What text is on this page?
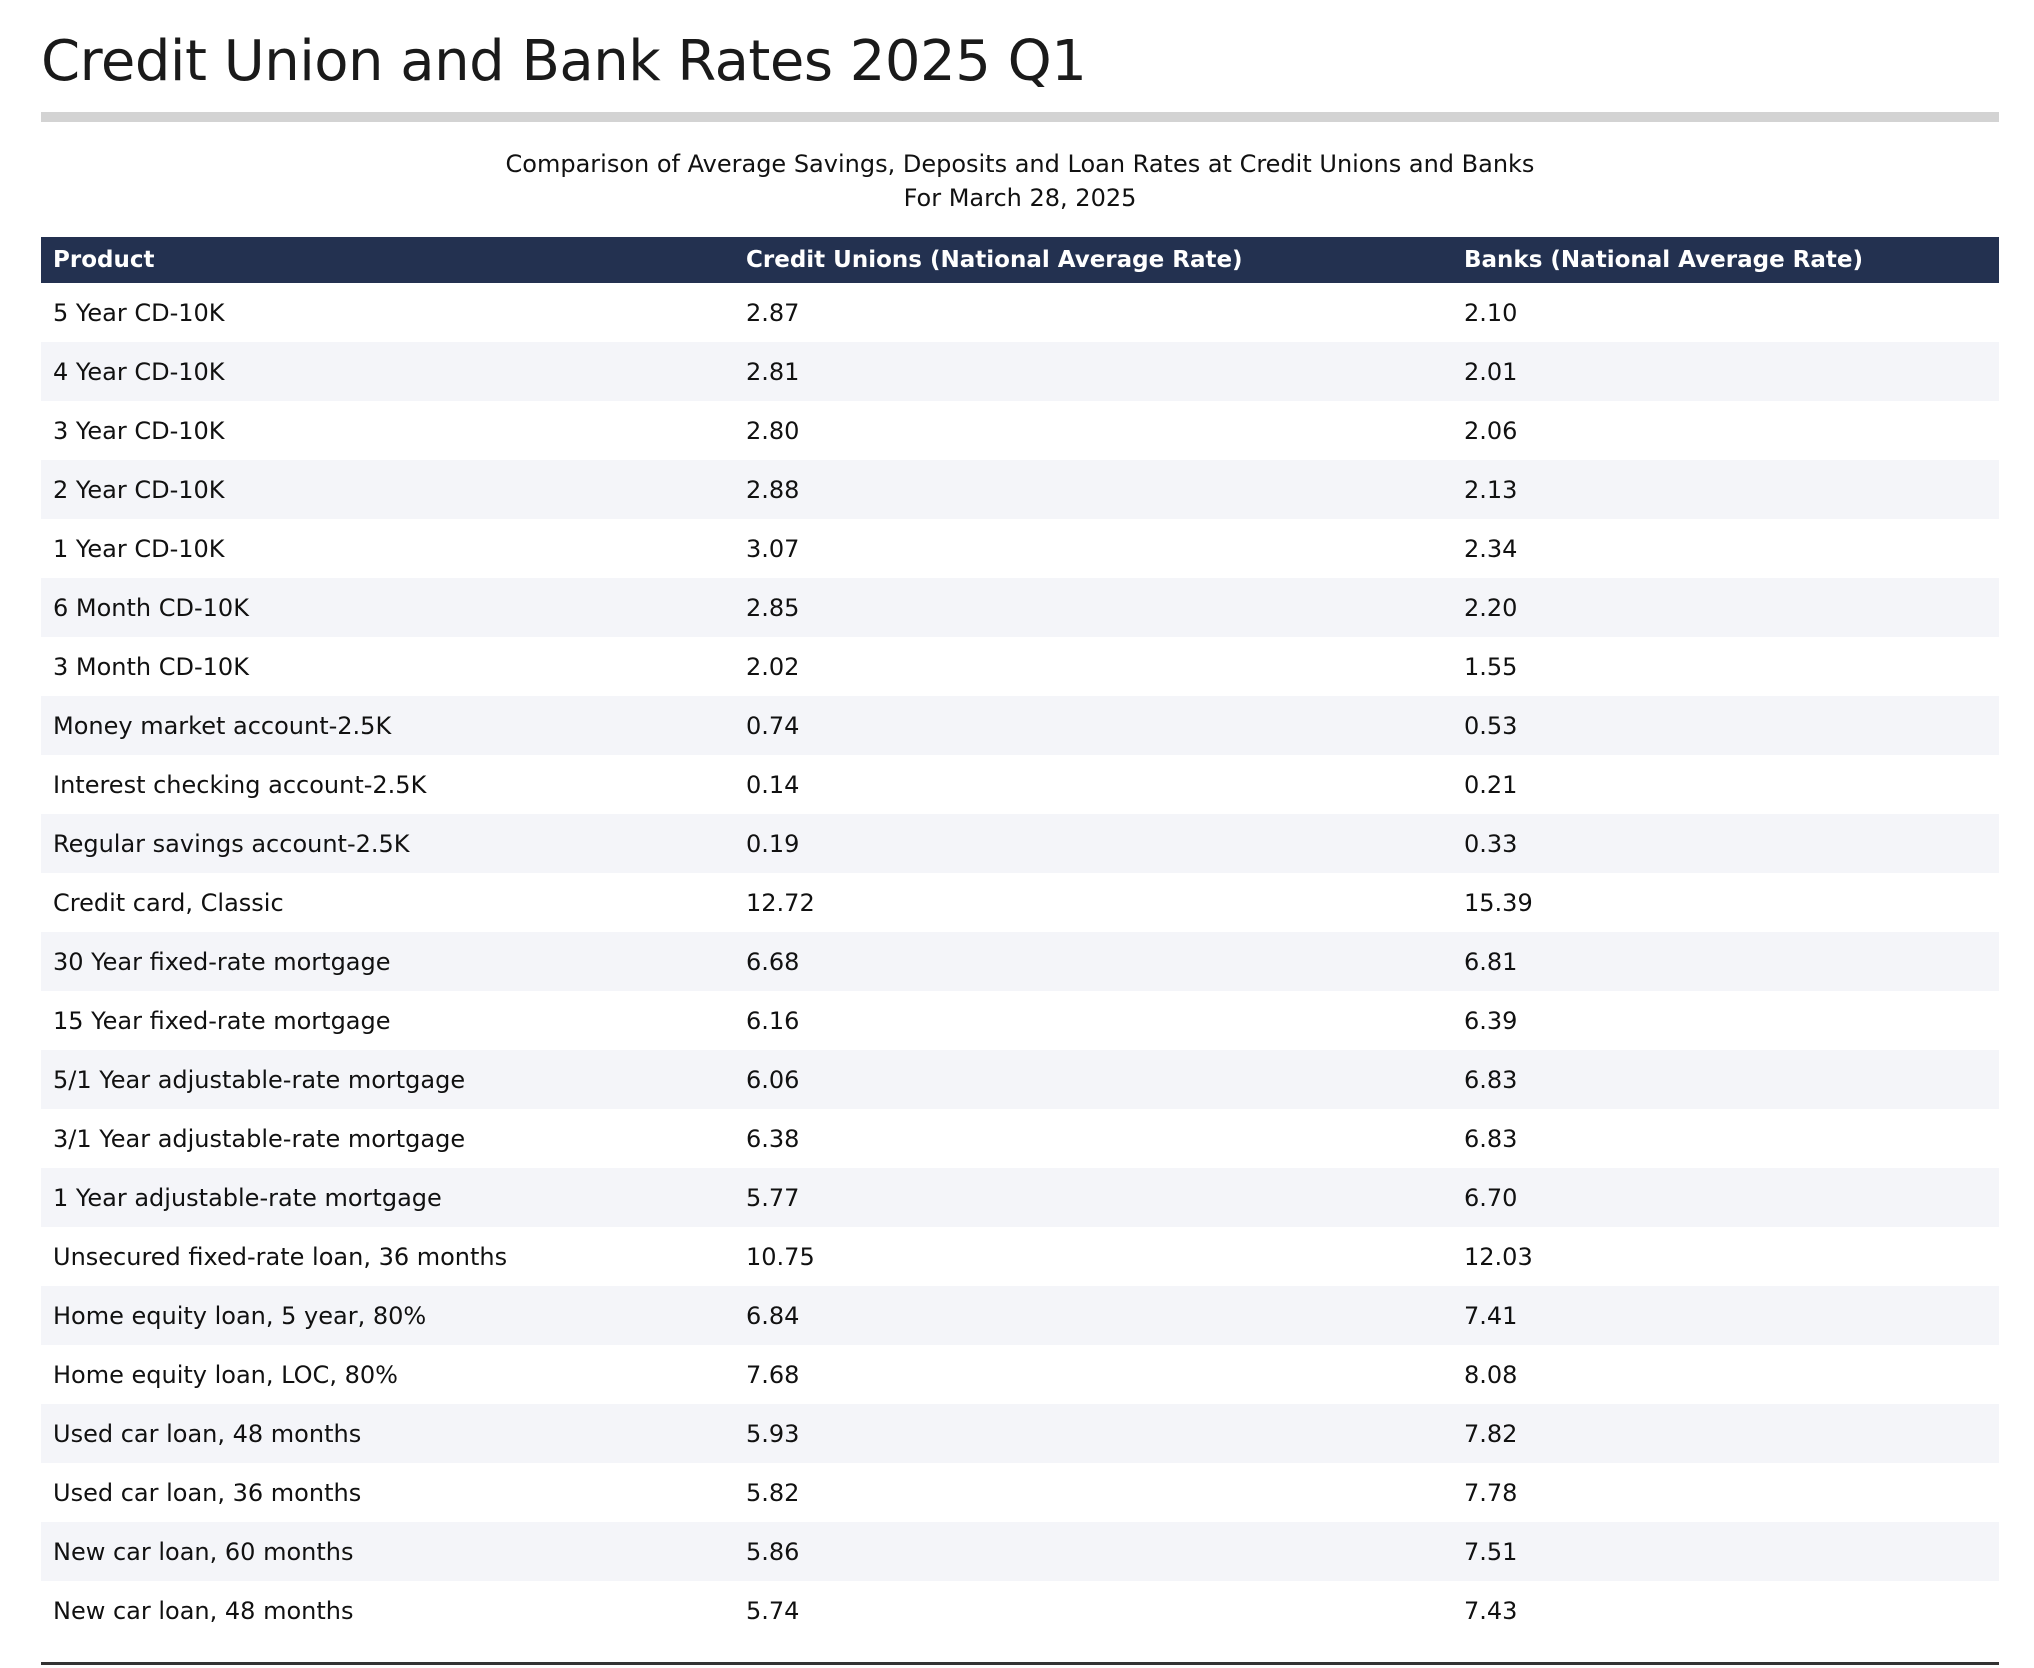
Credit Union and Bank Rates 2025 Q1
Comparison of Average Savings, Deposits and Loan Rates at Credit Unions and Banks
For March 28, 2025
Product	Credit Unions (National Average Rate)	Banks (National Average Rate)
5 Year CD-10K	2.87	2.10
4 Year CD-10K	2.81	2.01
3 Year CD-10K	2.80	2.06
2 Year CD-10K	2.88	2.13
1 Year CD-10K	3.07	2.34
6 Month CD-10K	2.85	2.20
3 Month CD-10K	2.02	1.55
Money market account-2.5K	0.74	0.53
Interest checking account-2.5K	0.14	0.21
Regular savings account-2.5K	0.19	0.33
Credit card, Classic	12.72	15.39
30 Year fixed-rate mortgage	6.68	6.81
15 Year fixed-rate mortgage	6.16	6.39
5/1 Year adjustable-rate mortgage	6.06	6.83
3/1 Year adjustable-rate mortgage	6.38	6.83
1 Year adjustable-rate mortgage	5.77	6.70
Unsecured fixed-rate loan, 36 months	10.75	12.03
Home equity loan, 5 year, 80%	6.84	7.41
Home equity loan, LOC, 80%	7.68	8.08
Used car loan, 48 months	5.93	7.82
Used car loan, 36 months	5.82	7.78
New car loan, 60 months	5.86	7.51
New car loan, 48 months	5.74	7.43
